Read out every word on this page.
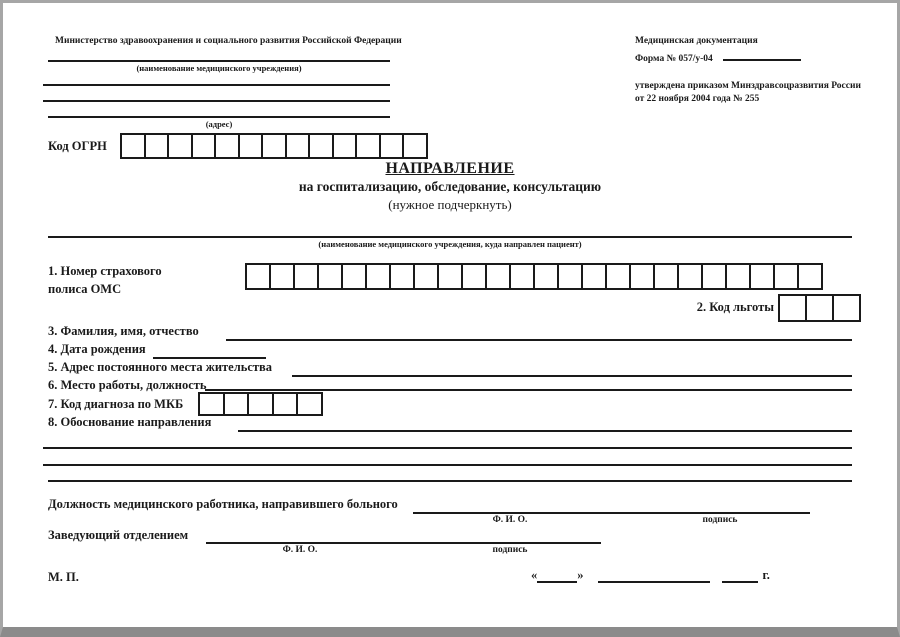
Министерство здравоохранения и социального развития Российской Федерации
(наименование медицинского учреждения)
(адрес)
Медицинская документация
Форма № 057/у-04
утверждена приказом Минздравсоцразвития России
от 22 ноября 2004 года № 255
Код ОГРН
НАПРАВЛЕНИЕ
на госпитализацию, обследование, консультацию
(нужное подчеркнуть)
(наименование медицинского учреждения, куда направлен пациент)
1. Номер страхового
полиса ОМС
2. Код льготы
3. Фамилия, имя, отчество
4. Дата рождения
5. Адрес постоянного места жительства
6. Место работы, должность
7. Код диагноза по МКБ
8. Обоснование направления
Должность медицинского работника, направившего больного
Ф. И. О.	подпись
Заведующий отделением
Ф. И. О.	подпись
М. П.	«	»	г.
